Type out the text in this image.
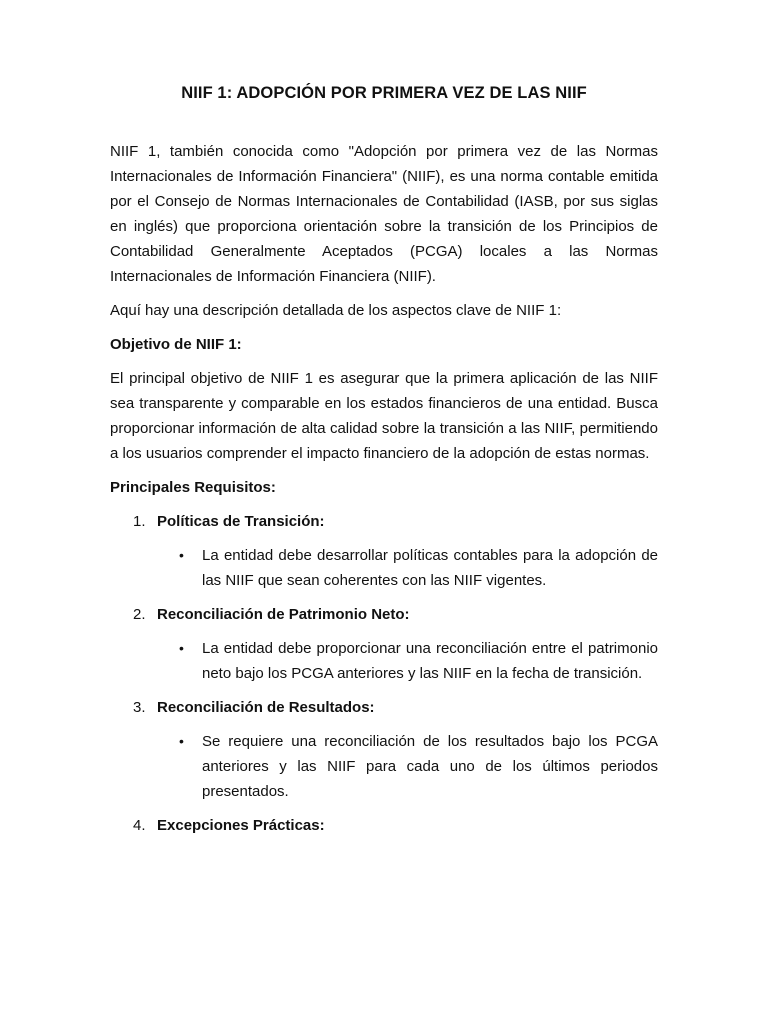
NIIF 1: ADOPCIÓN POR PRIMERA VEZ DE LAS NIIF

NIIF 1, también conocida como "Adopción por primera vez de las Normas Internacionales de Información Financiera" (NIIF), es una norma contable emitida por el Consejo de Normas Internacionales de Contabilidad (IASB, por sus siglas en inglés) que proporciona orientación sobre la transición de los Principios de Contabilidad Generalmente Aceptados (PCGA) locales a las Normas Internacionales de Información Financiera (NIIF).

Aquí hay una descripción detallada de los aspectos clave de NIIF 1:

Objetivo de NIIF 1:

El principal objetivo de NIIF 1 es asegurar que la primera aplicación de las NIIF sea transparente y comparable en los estados financieros de una entidad. Busca proporcionar información de alta calidad sobre la transición a las NIIF, permitiendo a los usuarios comprender el impacto financiero de la adopción de estas normas.

Principales Requisitos:

1. Políticas de Transición:
• La entidad debe desarrollar políticas contables para la adopción de las NIIF que sean coherentes con las NIIF vigentes.
2. Reconciliación de Patrimonio Neto:
• La entidad debe proporcionar una reconciliación entre el patrimonio neto bajo los PCGA anteriores y las NIIF en la fecha de transición.
3. Reconciliación de Resultados:
• Se requiere una reconciliación de los resultados bajo los PCGA anteriores y las NIIF para cada uno de los últimos periodos presentados.
4. Excepciones Prácticas:
